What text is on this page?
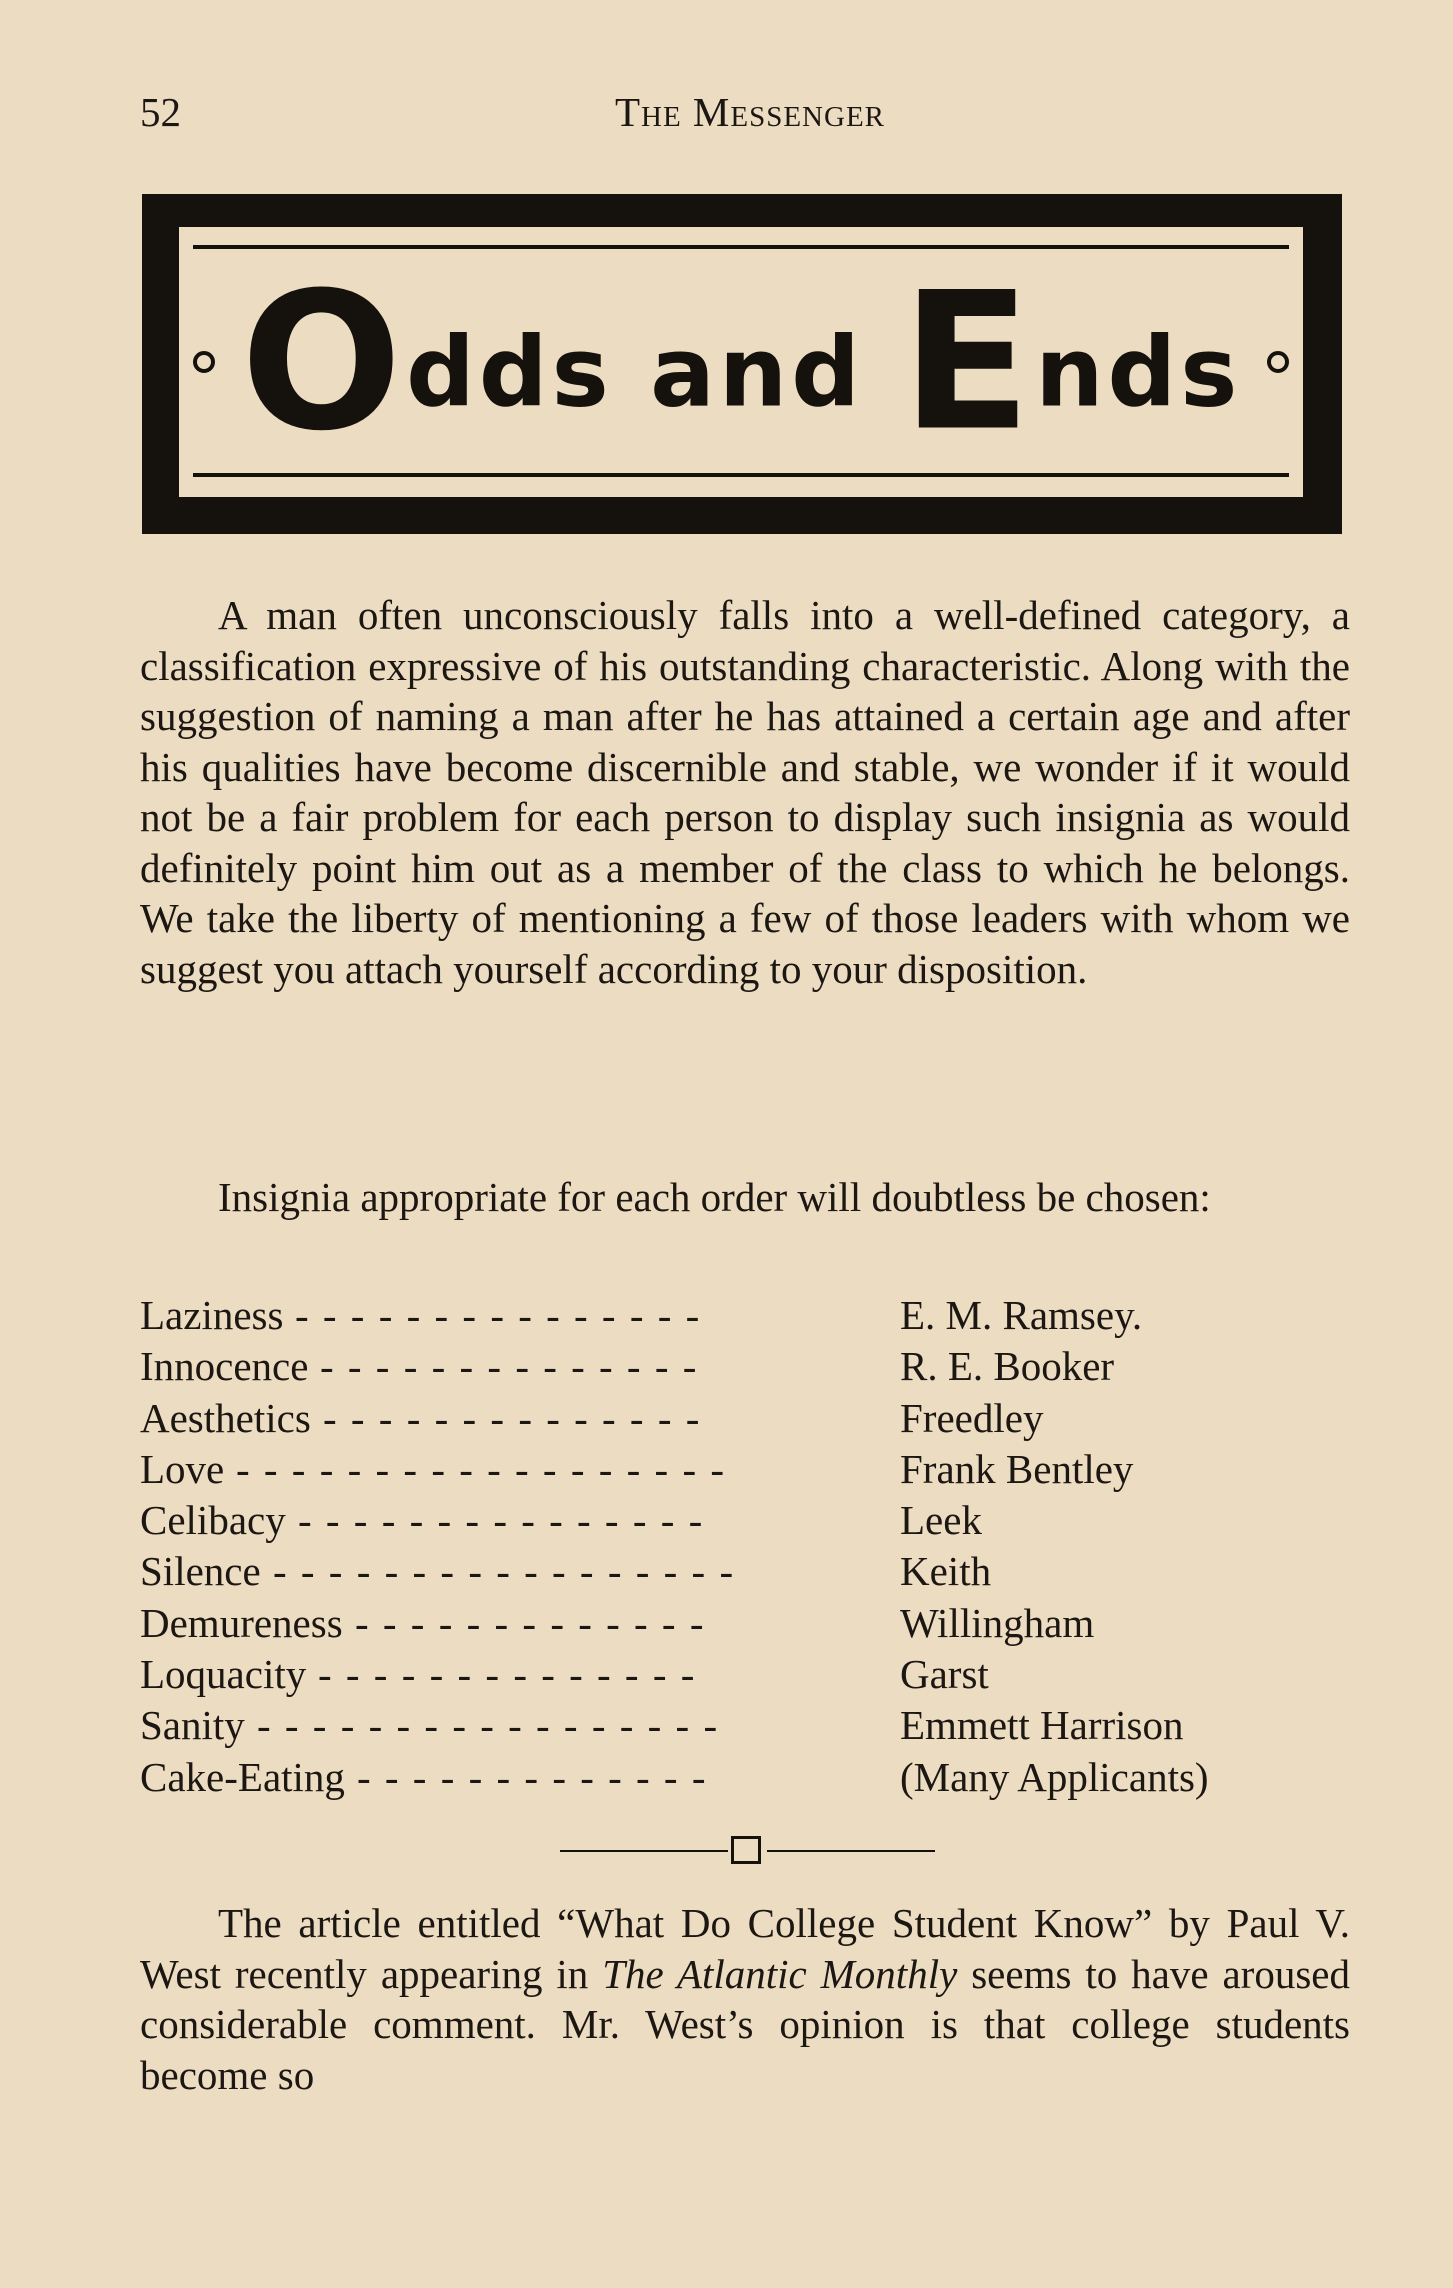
52	The Messenger
Odds and Ends

A man often unconsciously falls into a well-defined category, a classification expressive of his outstanding characteristic. Along with the suggestion of naming a man after he has attained a certain age and after his qualities have become discernible and stable, we wonder if it would not be a fair problem for each person to display such insignia as would definitely point him out as a member of the class to which he belongs. We take the liberty of mentioning a few of those leaders with whom we suggest you attach yourself according to your disposition.

Insignia appropriate for each order will doubtless be chosen:

Laziness - - - - - - - - - - - - - - -	E. M. Ramsey.
Innocence - - - - - - - - - - - - - -	R. E. Booker
Aesthetics - - - - - - - - - - - - - -	Freedley
Love - - - - - - - - - - - - - - - - - -	Frank Bentley
Celibacy - - - - - - - - - - - - - - -	Leek
Silence - - - - - - - - - - - - - - - - -	Keith
Demureness - - - - - - - - - - - - -	Willingham
Loquacity - - - - - - - - - - - - - -	Garst
Sanity - - - - - - - - - - - - - - - - -	Emmett Harrison
Cake-Eating - - - - - - - - - - - - -	(Many Applicants)

The article entitled “What Do College Student Know” by Paul V. West recently appearing in The Atlantic Monthly seems to have aroused considerable comment. Mr. West’s opinion is that college students become so
